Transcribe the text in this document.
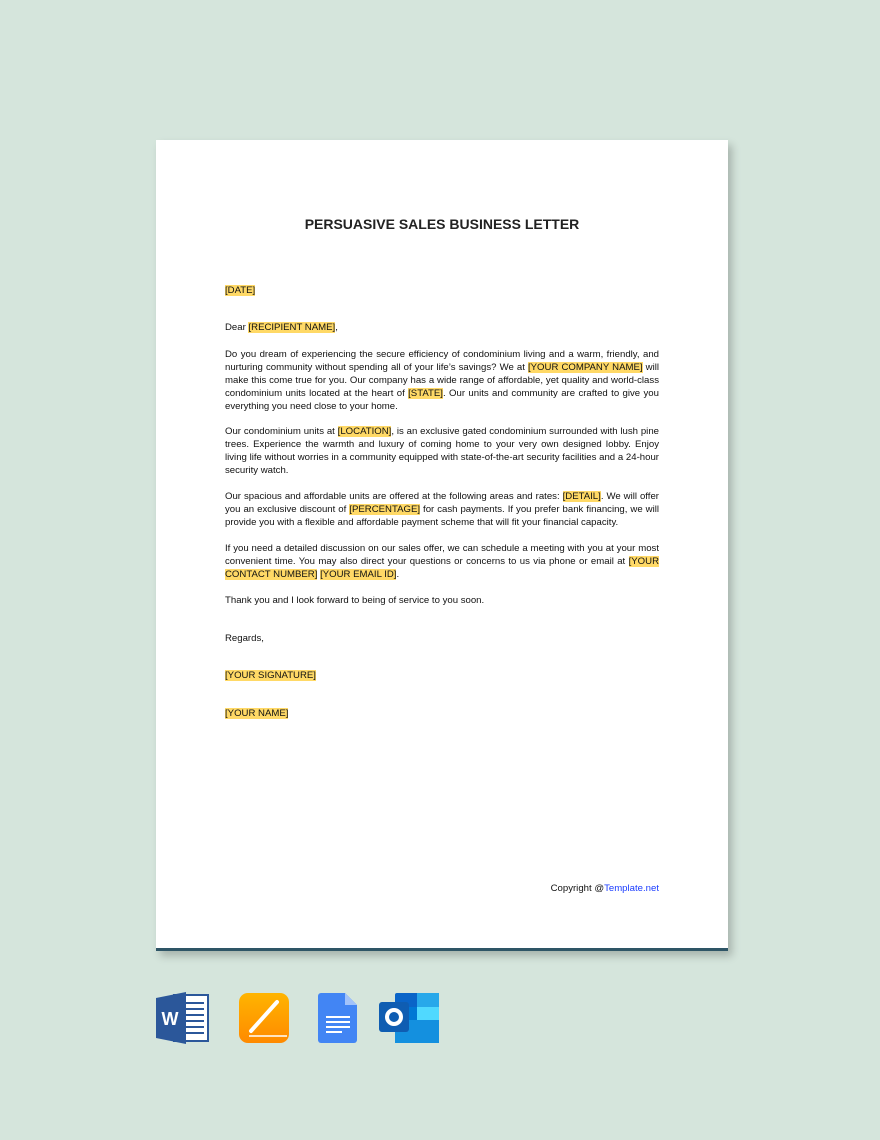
PERSUASIVE SALES BUSINESS LETTER
[DATE]
Dear [RECIPIENT NAME],
Do you dream of experiencing the secure efficiency of condominium living and a warm, friendly, and nurturing community without spending all of your life’s savings? We at [YOUR COMPANY NAME] will make this come true for you. Our company has a wide range of affordable, yet quality and world-class condominium units located at the heart of [STATE]. Our units and community are crafted to give you everything you need close to your home.
Our condominium units at [LOCATION], is an exclusive gated condominium surrounded with lush pine trees. Experience the warmth and luxury of coming home to your very own designed lobby. Enjoy living life without worries in a community equipped with state-of-the-art security facilities and a 24-hour security watch.
Our spacious and affordable units are offered at the following areas and rates: [DETAIL]. We will offer you an exclusive discount of [PERCENTAGE] for cash payments. If you prefer bank financing, we will provide you with a flexible and affordable payment scheme that will fit your financial capacity.
If you need a detailed discussion on our sales offer, we can schedule a meeting with you at your most convenient time. You may also direct your questions or concerns to us via phone or email at [YOUR CONTACT NUMBER] [YOUR EMAIL ID].
Thank you and I look forward to being of service to you soon.
Regards,
[YOUR SIGNATURE]
[YOUR NAME]
Copyright @Template.net
W
